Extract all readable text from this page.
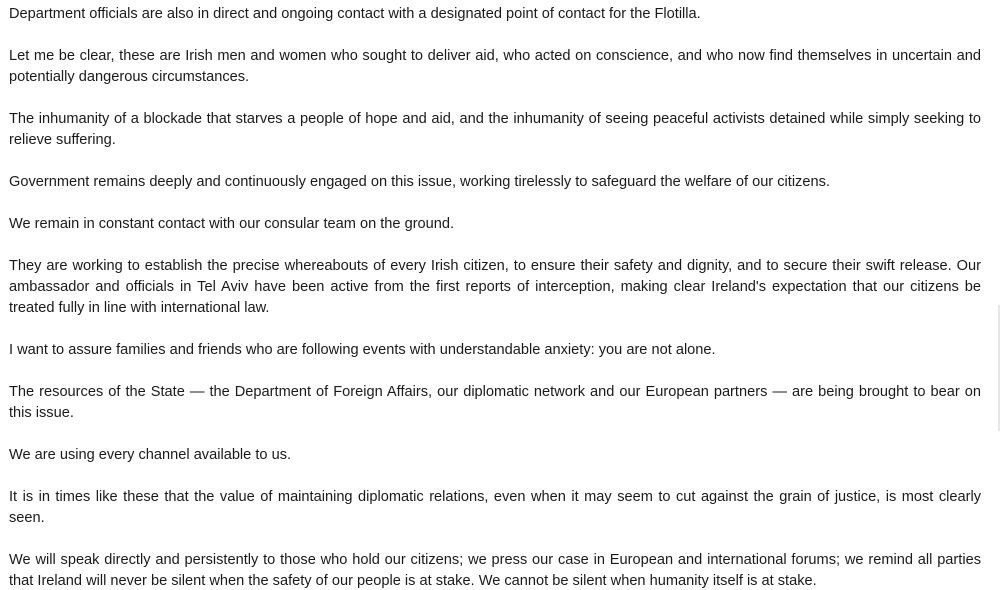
Department officials are also in direct and ongoing contact with a designated point of contact for the Flotilla.

Let me be clear, these are Irish men and women who sought to deliver aid, who acted on conscience, and who now find themselves in uncertain and potentially dangerous circumstances.

The inhumanity of a blockade that starves a people of hope and aid, and the inhumanity of seeing peaceful activists detained while simply seeking to relieve suffering.

Government remains deeply and continuously engaged on this issue, working tirelessly to safeguard the welfare of our citizens.

We remain in constant contact with our consular team on the ground.

They are working to establish the precise whereabouts of every Irish citizen, to ensure their safety and dignity, and to secure their swift release. Our ambassador and officials in Tel Aviv have been active from the first reports of interception, making clear Ireland's expectation that our citizens be treated fully in line with international law.

I want to assure families and friends who are following events with understandable anxiety: you are not alone.

The resources of the State — the Department of Foreign Affairs, our diplomatic network and our European partners — are being brought to bear on this issue.

We are using every channel available to us.

It is in times like these that the value of maintaining diplomatic relations, even when it may seem to cut against the grain of justice, is most clearly seen.

We will speak directly and persistently to those who hold our citizens; we press our case in European and international forums; we remind all parties that Ireland will never be silent when the safety of our people is at stake. We cannot be silent when humanity itself is at stake.
